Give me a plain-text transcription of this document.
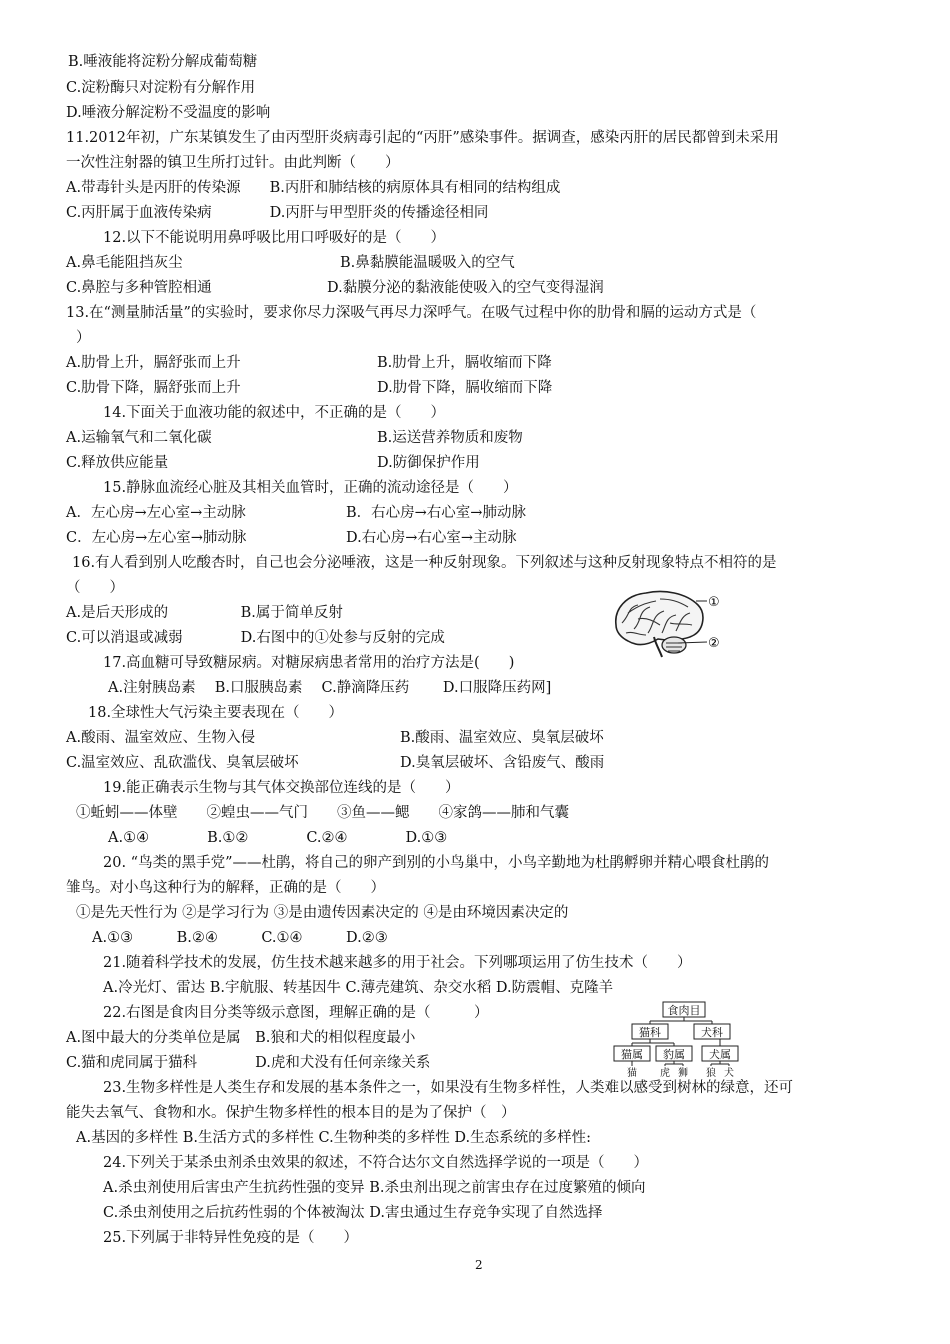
B.唾液能将淀粉分解成葡萄糖
C.淀粉酶只对淀粉有分解作用
D.唾液分解淀粉不受温度的影响
11.2012年初，广东某镇发生了由丙型肝炎病毒引起的“丙肝”感染事件。据调查，感染丙肝的居民都曾到未采用
一次性注射器的镇卫生所打过针。由此判断（　　）
A.带毒针头是丙肝的传染源　　B.丙肝和肺结核的病原体具有相同的结构组成
C.丙肝属于血液传染病　　　　D.丙肝与甲型肝炎的传播途径相同
12.以下不能说明用鼻呼吸比用口呼吸好的是（　　）
A.鼻毛能阻挡灰尘	B.鼻黏膜能温暖吸入的空气
C.鼻腔与多种管腔相通	D.黏膜分泌的黏液能使吸入的空气变得湿润
13.在“测量肺活量”的实验时，要求你尽力深吸气再尽力深呼气。在吸气过程中你的肋骨和膈的运动方式是（
）
A.肋骨上升，膈舒张而上升	B.肋骨上升，膈收缩而下降
C.肋骨下降，膈舒张而上升	D.肋骨下降，膈收缩而下降
14.下面关于血液功能的叙述中，不正确的是（　　）
A.运输氧气和二氧化碳	B.运送营养物质和废物
C.释放供应能量	D.防御保护作用
15.静脉血流经心脏及其相关血管时，正确的流动途径是（　　）
A．左心房→左心室→主动脉	B．右心房→右心室→肺动脉
C．左心房→左心室→肺动脉	D.右心房→右心室→主动脉
16.有人看到别人吃酸杏时，自己也会分泌唾液，这是一种反射现象。下列叙述与这种反射现象特点不相符的是
（　　）
A.是后天形成的　　　　　B.属于简单反射
C.可以消退或减弱　　　　D.右图中的①处参与反射的完成
①
②
17.高血糖可导致糖尿病。对糖尿病患者常用的治疗方法是(　　)
A.注射胰岛素　 B.口服胰岛素　 C.静滴降压药　　 D.口服降压药网]
18.全球性大气污染主要表现在（　　）
A.酸雨、温室效应、生物入侵	B.酸雨、温室效应、臭氧层破坏
C.温室效应、乱砍滥伐、臭氧层破坏	D.臭氧层破坏、含铅废气、酸雨
19.能正确表示生物与其气体交换部位连线的是（　　）
①蚯蚓——体壁　　②蝗虫——气门　　③鱼——鳃　　④家鸽——肺和气囊
A.①④　　　　B.①②　　　　C.②④　　　　D.①③
20. “鸟类的黑手党”——杜鹃，将自己的卵产到别的小鸟巢中，小鸟辛勤地为杜鹃孵卵并精心喂食杜鹃的
雏鸟。对小鸟这种行为的解释，正确的是（　　）
①是先天性行为 ②是学习行为 ③是由遗传因素决定的 ④是由环境因素决定的
A.①③　　　B.②④　　　C.①④　　　D.②③
21.随着科学技术的发展，仿生技术越来越多的用于社会。下列哪项运用了仿生技术（　　）
A.冷光灯、雷达 B.宇航服、转基因牛 C.薄壳建筑、杂交水稻 D.防震帽、克隆羊
22.右图是食肉目分类等级示意图，理解正确的是（　　　）
A.图中最大的分类单位是属　B.狼和犬的相似程度最小
C.猫和虎同属于猫科　　　　D.虎和犬没有任何亲缘关系
食肉目
猫科	犬科
猫属 豹属 犬属
猫 虎 狮 狼 犬
23.生物多样性是人类生存和发展的基本条件之一，如果没有生物多样性，人类难以感受到树林的绿意，还可
能失去氧气、食物和水。保护生物多样性的根本目的是为了保护（　）
A.基因的多样性 B.生活方式的多样性 C.生物种类的多样性 D.生态系统的多样性:
24.下列关于某杀虫剂杀虫效果的叙述，不符合达尔文自然选择学说的一项是（　　）
A.杀虫剂使用后害虫产生抗药性强的变异 B.杀虫剂出现之前害虫存在过度繁殖的倾向
C.杀虫剂使用之后抗药性弱的个体被淘汰 D.害虫通过生存竞争实现了自然选择
25.下列属于非特异性免疫的是（　　）
2
